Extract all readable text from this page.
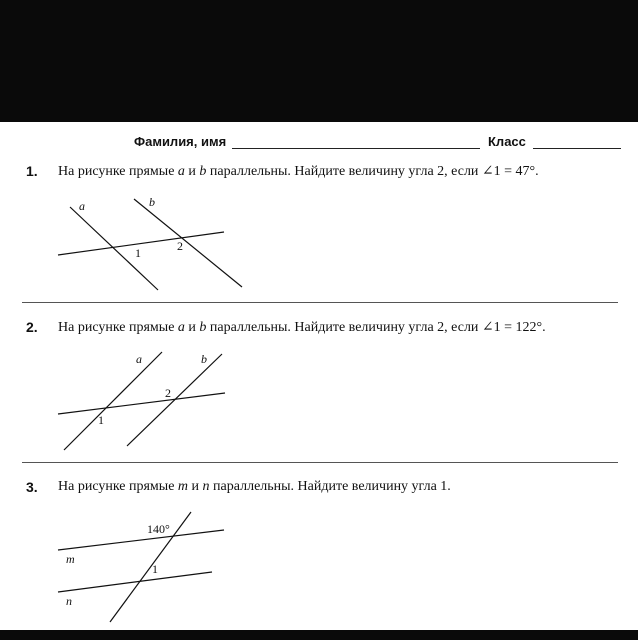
Фамилия, имя	Класс
1. На рисунке прямые a и b параллельны. Найдите величину угла 2, если ∠1 = 47°.
a	b
1	2
2. На рисунке прямые a и b параллельны. Найдите величину угла 2, если ∠1 = 122°.
a	b
1
2
3. На рисунке прямые m и n параллельны. Найдите величину угла 1.
140°
m
1
n
